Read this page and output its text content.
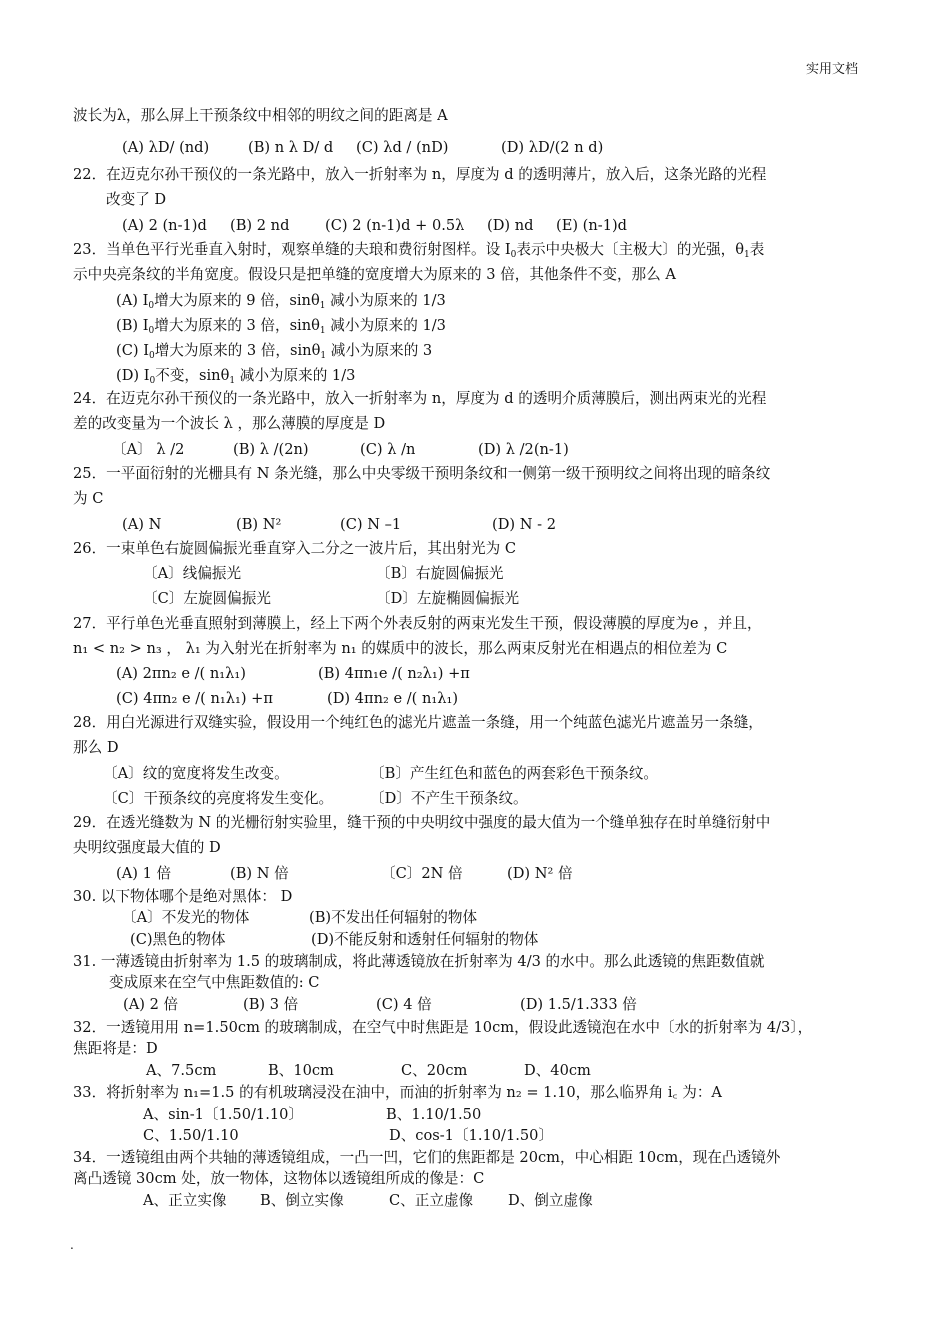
实用文档
波长为λ，那么屏上干预条纹中相邻的明纹之间的距离是 A
(A) λD/ (nd)	(B) n λ D/ d (C) λd / (nD)	(D) λD/(2 n d)
22．在迈克尔孙干预仪的一条光路中，放入一折射率为 n，厚度为 d 的透明薄片，放入后，这条光路的光程
改变了 D
(A) 2 (n-1)d (B) 2 nd (C) 2 (n-1)d + 0.5λ (D) nd (E) (n-1)d
23．当单色平行光垂直入射时，观察单缝的夫琅和费衍射图样。设 $I_0$表示中央极大〔主极大〕的光强，$\theta_1$表
示中央亮条纹的半角宽度。假设只是把单缝的宽度增大为原来的 3 倍，其他条件不变，那么 A
(A) $I_0$增大为原来的 9 倍，sinθ$_1$ 减小为原来的 1/3
(B) $I_0$增大为原来的 3 倍，sinθ$_1$ 减小为原来的 1/3
(C) $I_0$增大为原来的 3 倍，sinθ$_1$ 减小为原来的 3
(D) $I_0$不变，sinθ$_1$ 减小为原来的 1/3
24．在迈克尔孙干预仪的一条光路中，放入一折射率为 n，厚度为 d 的透明介质薄膜后，测出两束光的光程
差的改变量为一个波长 λ ，那么薄膜的厚度是 D
〔A〕 λ /2	(B) λ /(2n)	(C) λ /n	(D) λ /2(n-1)
25．一平面衍射的光栅具有 N 条光缝，那么中央零级干预明条纹和一侧第一级干预明纹之间将出现的暗条纹
为 C
(A) N	(B) N²	(C) N –1	(D) N - 2
26．一束单色右旋圆偏振光垂直穿入二分之一波片后，其出射光为 C
〔A〕线偏振光	〔B〕右旋圆偏振光
〔C〕左旋圆偏振光	〔D〕左旋椭圆偏振光
27．平行单色光垂直照射到薄膜上，经上下两个外表反射的两束光发生干预，假设薄膜的厚度为e ，并且，
n₁ < n₂ > n₃ ， λ₁ 为入射光在折射率为 n₁ 的媒质中的波长，那么两束反射光在相遇点的相位差为 C
(A) 2πn₂ e /( n₁λ₁)	(B) 4πn₁e /( n₂λ₁) +π
(C) 4πn₂ e /( n₁λ₁) +π	(D) 4πn₂ e /( n₁λ₁)
28．用白光源进行双缝实验，假设用一个纯红色的滤光片遮盖一条缝，用一个纯蓝色滤光片遮盖另一条缝，
那么 D
〔A〕纹的宽度将发生改变。	〔B〕产生红色和蓝色的两套彩色干预条纹。
〔C〕干预条纹的亮度将发生变化。	〔D〕不产生干预条纹。
29．在透光缝数为 N 的光栅衍射实验里，缝干预的中央明纹中强度的最大值为一个缝单独存在时单缝衍射中
央明纹强度最大值的 D
(A) 1 倍	(B) N 倍	〔C〕2N 倍	(D) N² 倍
30. 以下物体哪个是绝对黑体： D
〔A〕不发光的物体	(B)不发出任何辐射的物体
(C)黑色的物体	(D)不能反射和透射任何辐射的物体
31. 一薄透镜由折射率为 1.5 的玻璃制成，将此薄透镜放在折射率为 4/3 的水中。那么此透镜的焦距数值就
变成原来在空气中焦距数值的: C
(A) 2 倍	(B) 3 倍	(C) 4 倍	(D) 1.5/1.333 倍
32．一透镜用用 n=1.50cm 的玻璃制成，在空气中时焦距是 10cm，假设此透镜泡在水中〔水的折射率为 4/3〕，
焦距将是：D
A、7.5cm	B、10cm	C、20cm	D、40cm
33．将折射率为 n₁=1.5 的有机玻璃浸没在油中，而油的折射率为 n₂ = 1.10，那么临界角 i꜀ 为：A
A、sin-1〔1.50/1.10〕	B、1.10/1.50
C、1.50/1.10	D、cos-1〔1.10/1.50〕
34．一透镜组由两个共轴的薄透镜组成，一凸一凹，它们的焦距都是 20cm，中心相距 10cm，现在凸透镜外
离凸透镜 30cm 处，放一物体，这物体以透镜组所成的像是：C
A、正立实像 B、倒立实像	C、正立虚像 D、倒立虚像
.
